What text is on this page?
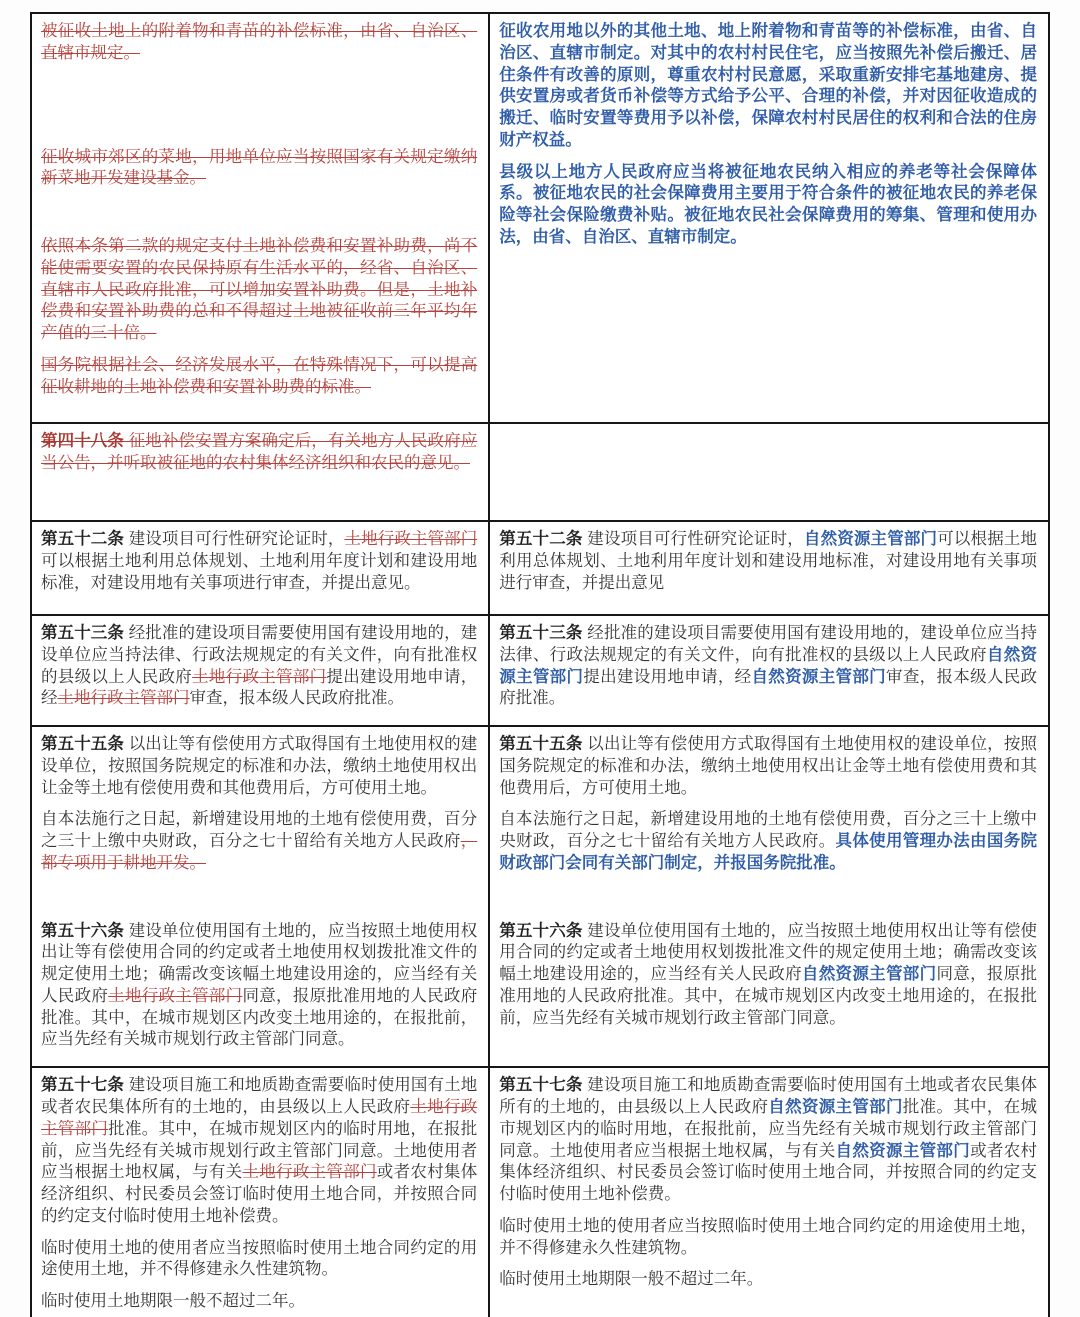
被征收土地上的附着物和青苗的补偿标准，由省、自治区、直辖市规定。

征收城市郊区的菜地，用地单位应当按照国家有关规定缴纳新菜地开发建设基金。

依照本条第二款的规定支付土地补偿费和安置补助费，尚不能使需要安置的农民保持原有生活水平的，经省、自治区、直辖市人民政府批准，可以增加安置补助费。但是，土地补偿费和安置补助费的总和不得超过土地被征收前三年平均年产值的三十倍。

国务院根据社会、经济发展水平，在特殊情况下，可以提高征收耕地的土地补偿费和安置补助费的标准。

征收农用地以外的其他土地、地上附着物和青苗等的补偿标准，由省、自治区、直辖市制定。对其中的农村村民住宅，应当按照先补偿后搬迁、居住条件有改善的原则，尊重农村村民意愿，采取重新安排宅基地建房、提供安置房或者货币补偿等方式给予公平、合理的补偿，并对因征收造成的搬迁、临时安置等费用予以补偿，保障农村村民居住的权利和合法的住房财产权益。

县级以上地方人民政府应当将被征地农民纳入相应的养老等社会保障体系。被征地农民的社会保障费用主要用于符合条件的被征地农民的养老保险等社会保险缴费补贴。被征地农民社会保障费用的筹集、管理和使用办法，由省、自治区、直辖市制定。

第四十八条 征地补偿安置方案确定后，有关地方人民政府应当公告，并听取被征地的农村集体经济组织和农民的意见。

第五十二条 建设项目可行性研究论证时，土地行政主管部门可以根据土地利用总体规划、土地利用年度计划和建设用地标准，对建设用地有关事项进行审查，并提出意见。

第五十二条 建设项目可行性研究论证时，自然资源主管部门可以根据土地利用总体规划、土地利用年度计划和建设用地标准，对建设用地有关事项进行审查，并提出意见

第五十三条 经批准的建设项目需要使用国有建设用地的，建设单位应当持法律、行政法规规定的有关文件，向有批准权的县级以上人民政府土地行政主管部门提出建设用地申请，经土地行政主管部门审查，报本级人民政府批准。

第五十三条 经批准的建设项目需要使用国有建设用地的，建设单位应当持法律、行政法规规定的有关文件，向有批准权的县级以上人民政府自然资源主管部门提出建设用地申请，经自然资源主管部门审查，报本级人民政府批准。

第五十五条 以出让等有偿使用方式取得国有土地使用权的建设单位，按照国务院规定的标准和办法，缴纳土地使用权出让金等土地有偿使用费和其他费用后，方可使用土地。

自本法施行之日起，新增建设用地的土地有偿使用费，百分之三十上缴中央财政，百分之七十留给有关地方人民政府，都专项用于耕地开发。

第五十六条 建设单位使用国有土地的，应当按照土地使用权出让等有偿使用合同的约定或者土地使用权划拨批准文件的规定使用土地；确需改变该幅土地建设用途的，应当经有关人民政府土地行政主管部门同意，报原批准用地的人民政府批准。其中，在城市规划区内改变土地用途的，在报批前，应当先经有关城市规划行政主管部门同意。

第五十五条 以出让等有偿使用方式取得国有土地使用权的建设单位，按照国务院规定的标准和办法，缴纳土地使用权出让金等土地有偿使用费和其他费用后，方可使用土地。

自本法施行之日起，新增建设用地的土地有偿使用费，百分之三十上缴中央财政，百分之七十留给有关地方人民政府。具体使用管理办法由国务院财政部门会同有关部门制定，并报国务院批准。

第五十六条 建设单位使用国有土地的，应当按照土地使用权出让等有偿使用合同的约定或者土地使用权划拨批准文件的规定使用土地；确需改变该幅土地建设用途的，应当经有关人民政府自然资源主管部门同意，报原批准用地的人民政府批准。其中，在城市规划区内改变土地用途的，在报批前，应当先经有关城市规划行政主管部门同意。

第五十七条 建设项目施工和地质勘查需要临时使用国有土地或者农民集体所有的土地的，由县级以上人民政府土地行政主管部门批准。其中，在城市规划区内的临时用地，在报批前，应当先经有关城市规划行政主管部门同意。土地使用者应当根据土地权属，与有关土地行政主管部门或者农村集体经济组织、村民委员会签订临时使用土地合同，并按照合同的约定支付临时使用土地补偿费。

临时使用土地的使用者应当按照临时使用土地合同约定的用途使用土地，并不得修建永久性建筑物。

临时使用土地期限一般不超过二年。

第五十七条 建设项目施工和地质勘查需要临时使用国有土地或者农民集体所有的土地的，由县级以上人民政府自然资源主管部门批准。其中，在城市规划区内的临时用地，在报批前，应当先经有关城市规划行政主管部门同意。土地使用者应当根据土地权属，与有关自然资源主管部门或者农村集体经济组织、村民委员会签订临时使用土地合同，并按照合同的约定支付临时使用土地补偿费。

临时使用土地的使用者应当按照临时使用土地合同约定的用途使用土地，并不得修建永久性建筑物。

临时使用土地期限一般不超过二年。
